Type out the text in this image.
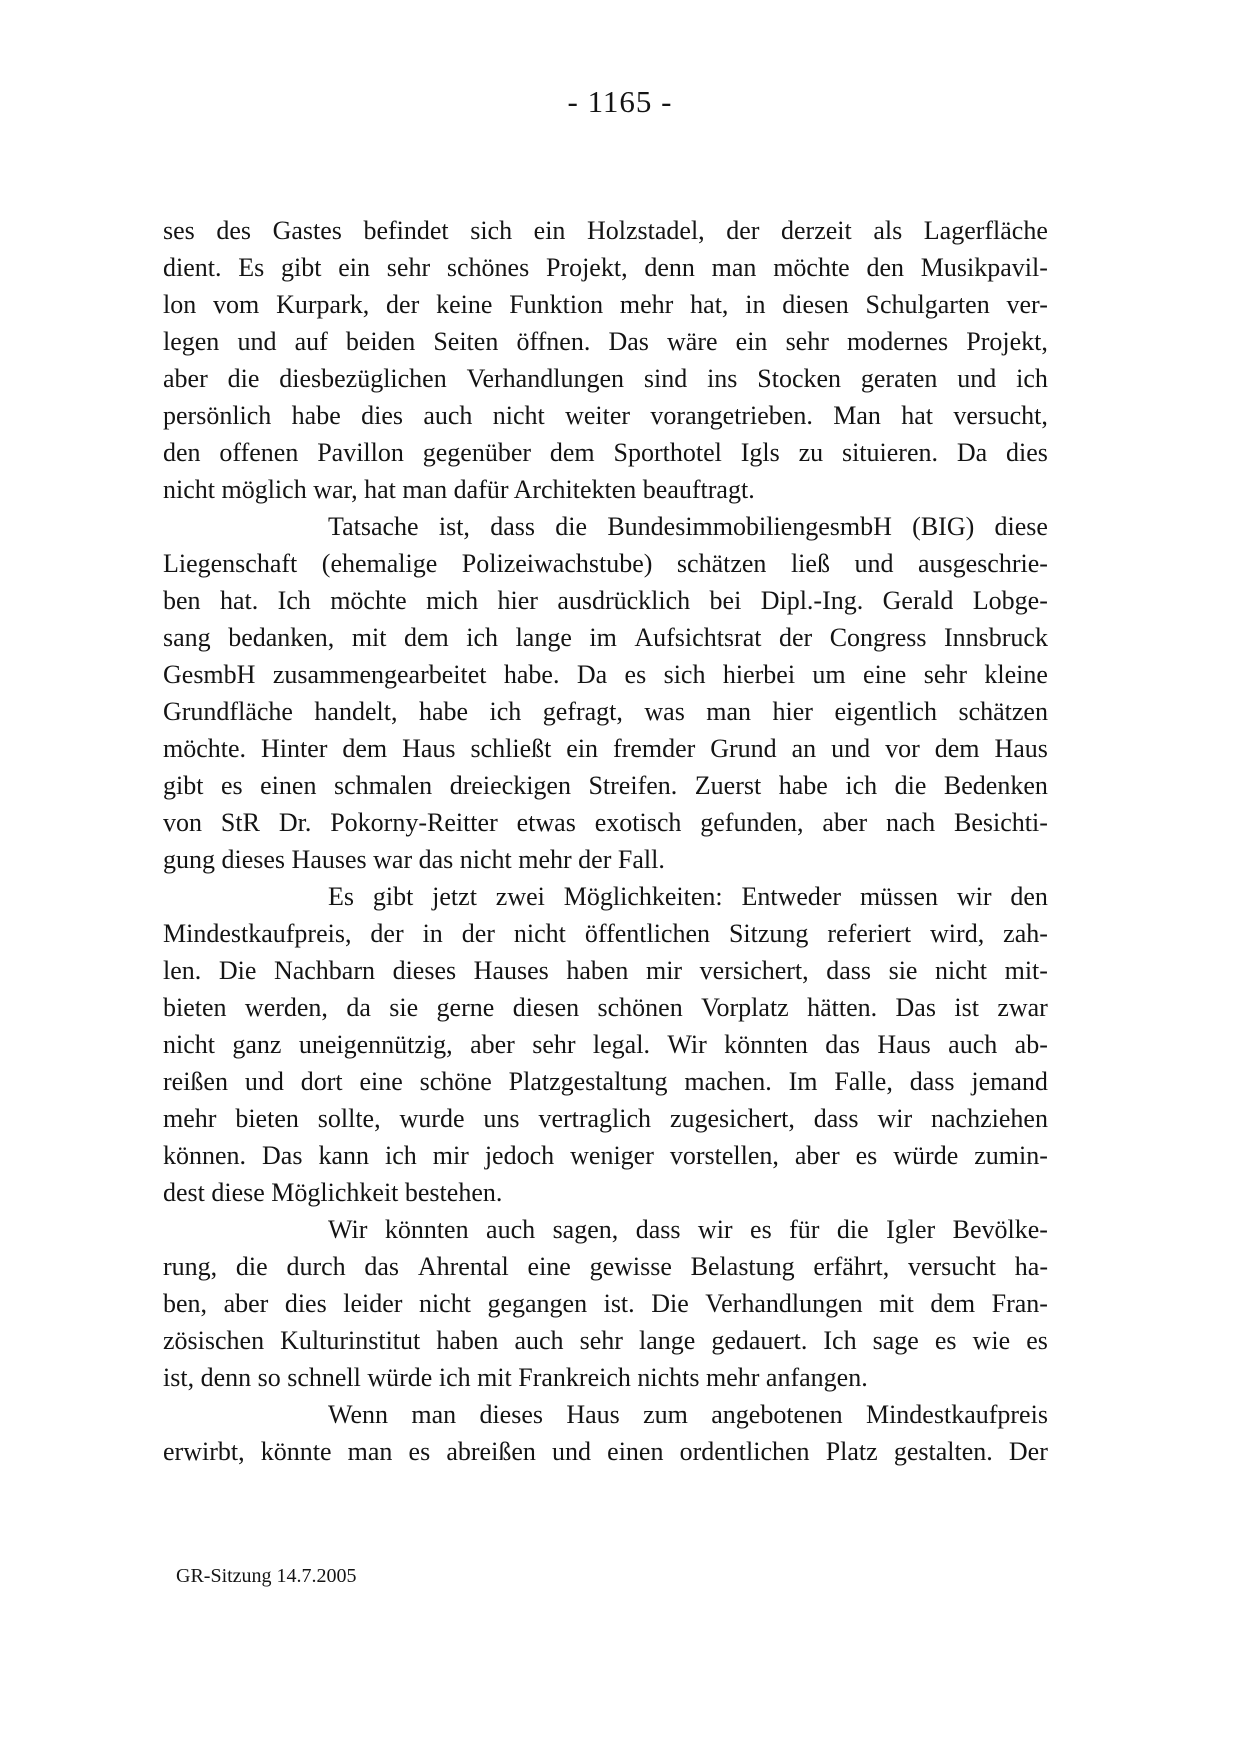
- 1165 -
ses des Gastes befindet sich ein Holzstadel, der derzeit als Lagerfläche
dient. Es gibt ein sehr schönes Projekt, denn man möchte den Musikpavil-
lon vom Kurpark, der keine Funktion mehr hat, in diesen Schulgarten ver-
legen und auf beiden Seiten öffnen. Das wäre ein sehr modernes Projekt,
aber die diesbezüglichen Verhandlungen sind ins Stocken geraten und ich
persönlich habe dies auch nicht weiter vorangetrieben. Man hat versucht,
den offenen Pavillon gegenüber dem Sporthotel Igls zu situieren. Da dies
nicht möglich war, hat man dafür Architekten beauftragt.
Tatsache ist, dass die BundesimmobiliengesmbH (BIG) diese
Liegenschaft (ehemalige Polizeiwachstube) schätzen ließ und ausgeschrie-
ben hat. Ich möchte mich hier ausdrücklich bei Dipl.-Ing. Gerald Lobge-
sang bedanken, mit dem ich lange im Aufsichtsrat der Congress Innsbruck
GesmbH zusammengearbeitet habe. Da es sich hierbei um eine sehr kleine
Grundfläche handelt, habe ich gefragt, was man hier eigentlich schätzen
möchte. Hinter dem Haus schließt ein fremder Grund an und vor dem Haus
gibt es einen schmalen dreieckigen Streifen. Zuerst habe ich die Bedenken
von StR Dr. Pokorny-Reitter etwas exotisch gefunden, aber nach Besichti-
gung dieses Hauses war das nicht mehr der Fall.
Es gibt jetzt zwei Möglichkeiten: Entweder müssen wir den
Mindestkaufpreis, der in der nicht öffentlichen Sitzung referiert wird, zah-
len. Die Nachbarn dieses Hauses haben mir versichert, dass sie nicht mit-
bieten werden, da sie gerne diesen schönen Vorplatz hätten. Das ist zwar
nicht ganz uneigennützig, aber sehr legal. Wir könnten das Haus auch ab-
reißen und dort eine schöne Platzgestaltung machen. Im Falle, dass jemand
mehr bieten sollte, wurde uns vertraglich zugesichert, dass wir nachziehen
können. Das kann ich mir jedoch weniger vorstellen, aber es würde zumin-
dest diese Möglichkeit bestehen.
Wir könnten auch sagen, dass wir es für die Igler Bevölke-
rung, die durch das Ahrental eine gewisse Belastung erfährt, versucht ha-
ben, aber dies leider nicht gegangen ist. Die Verhandlungen mit dem Fran-
zösischen Kulturinstitut haben auch sehr lange gedauert. Ich sage es wie es
ist, denn so schnell würde ich mit Frankreich nichts mehr anfangen.
Wenn man dieses Haus zum angebotenen Mindestkaufpreis
erwirbt, könnte man es abreißen und einen ordentlichen Platz gestalten. Der
GR-Sitzung 14.7.2005
